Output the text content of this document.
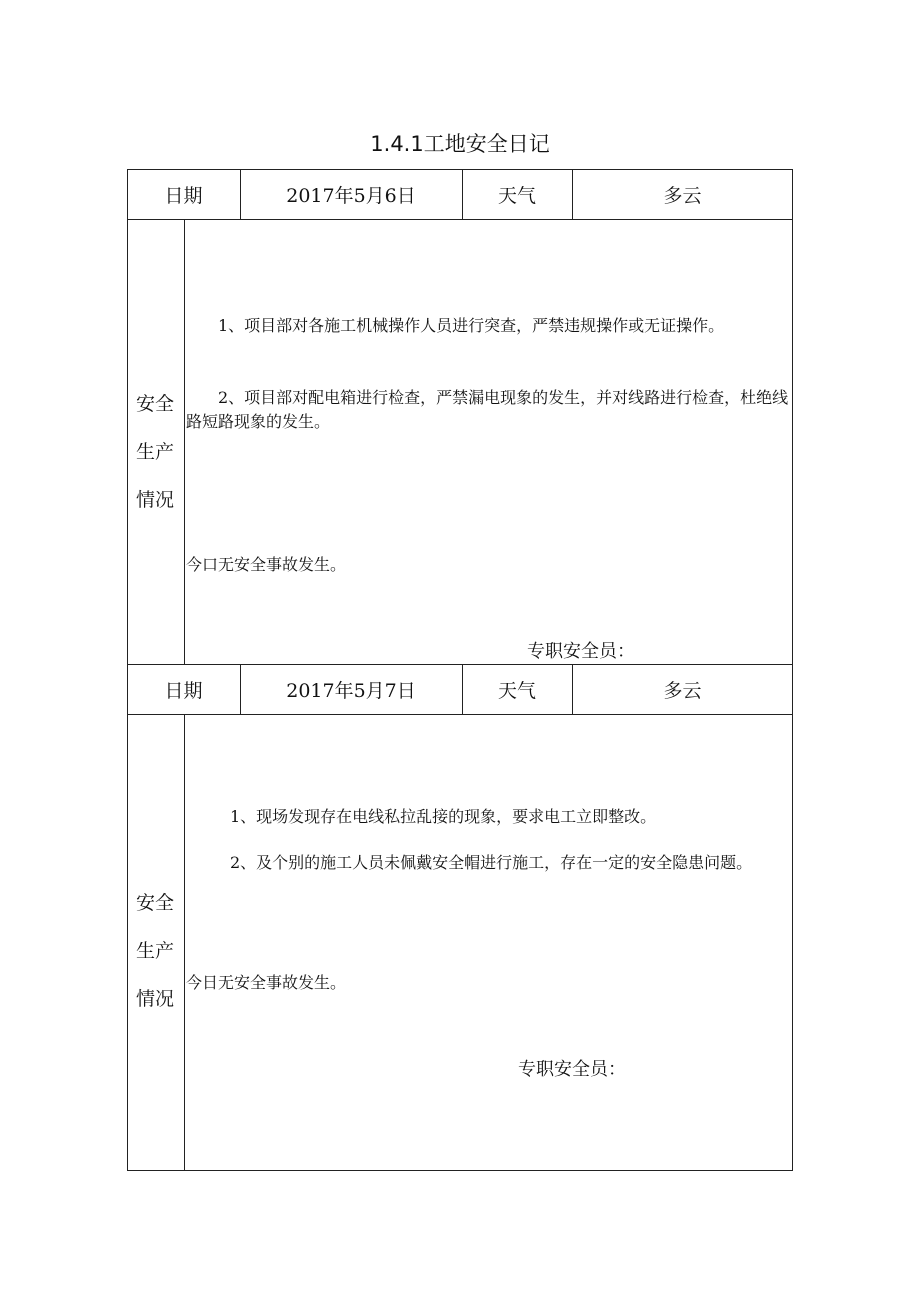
1.4.1工地安全日记
日期	2017年5月6日	天气	多云
安全
生产
情况
1、项目部对各施工机械操作人员进行突查，严禁违规操作或无证操作。
2、项目部对配电箱进行检查，严禁漏电现象的发生，并对线路进行检查，杜绝线路短路现象的发生。
今口无安全事故发生。
专职安全员：
日期	2017年5月7日	天气	多云
安全
生产
情况
1、现场发现存在电线私拉乱接的现象，要求电工立即整改。
2、及个别的施工人员未佩戴安全帽进行施工，存在一定的安全隐患问题。
今日无安全事故发生。
专职安全员：
